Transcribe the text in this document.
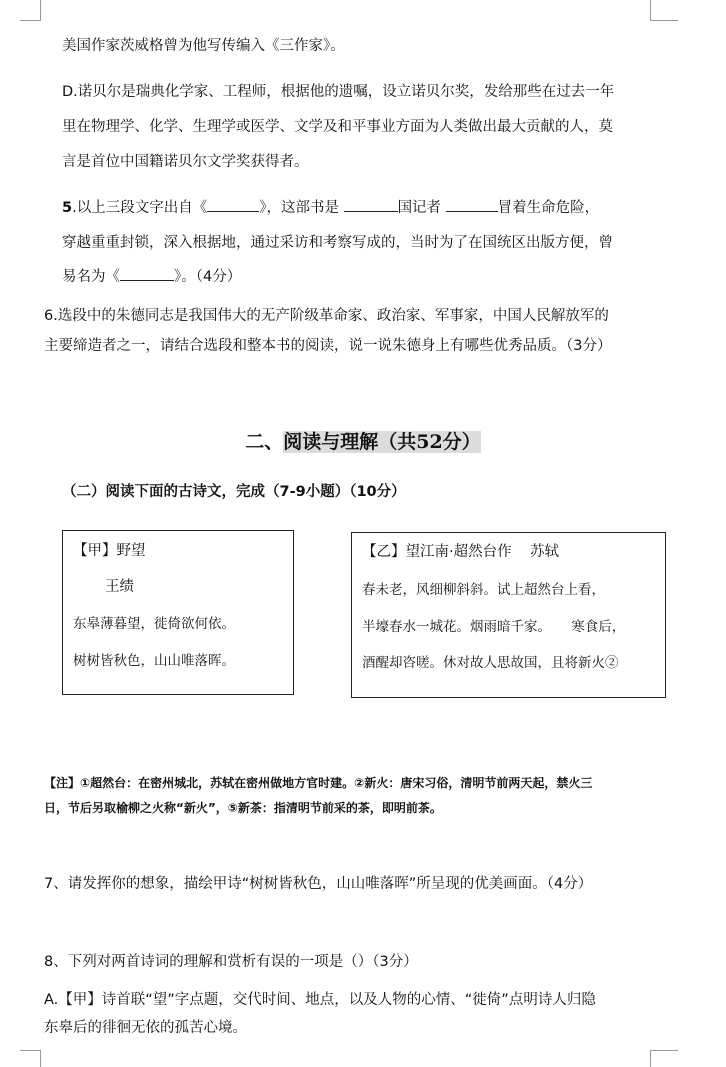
美国作家茨威格曾为他写传编入《三作家》。
D.诺贝尔是瑞典化学家、工程师，根据他的遗嘱，设立诺贝尔奖，发给那些在过去一年
里在物理学、化学、生理学或医学、文学及和平事业方面为人类做出最大贡献的人，莫
言是首位中国籍诺贝尔文学奖获得者。
5.以上三段文字出自《	》，这部书是	国记者	冒着生命危险，
穿越重重封锁，深入根据地，通过采访和考察写成的，当时为了在国统区出版方便，曾
易名为《	》。（4分）
6.选段中的朱德同志是我国伟大的无产阶级革命家、政治家、军事家，中国人民解放军的
主要缔造者之一，请结合选段和整本书的阅读，说一说朱德身上有哪些优秀品质。（3分）
二、阅读与理解（共52分）
（二）阅读下面的古诗文，完成（7-9小题）（10分）
【甲】野望
王绩
东皋薄暮望，徙倚欲何依。
树树皆秋色，山山唯落晖。
【乙】望江南·超然台作 苏轼
春未老，风细柳斜斜。试上超然台上看，
半壕春水一城花。烟雨暗千家。　　寒食后，
酒醒却咨嗟。休对故人思故国，且将新火②
【注】①超然台：在密州城北，苏轼在密州做地方官时建。②新火：唐宋习俗，清明节前两天起，禁火三
日，节后另取榆柳之火称“新火”，⑤新茶：指清明节前采的茶，即明前茶。
7、请发挥你的想象，描绘甲诗“树树皆秋色，山山唯落晖”所呈现的优美画面。（4分）
8、下列对两首诗词的理解和赏析有误的一项是（）（3分）
A.【甲】诗首联“望”字点题，交代时间、地点，以及人物的心情、“徙倚”点明诗人归隐
东皋后的徘徊无依的孤苦心境。
